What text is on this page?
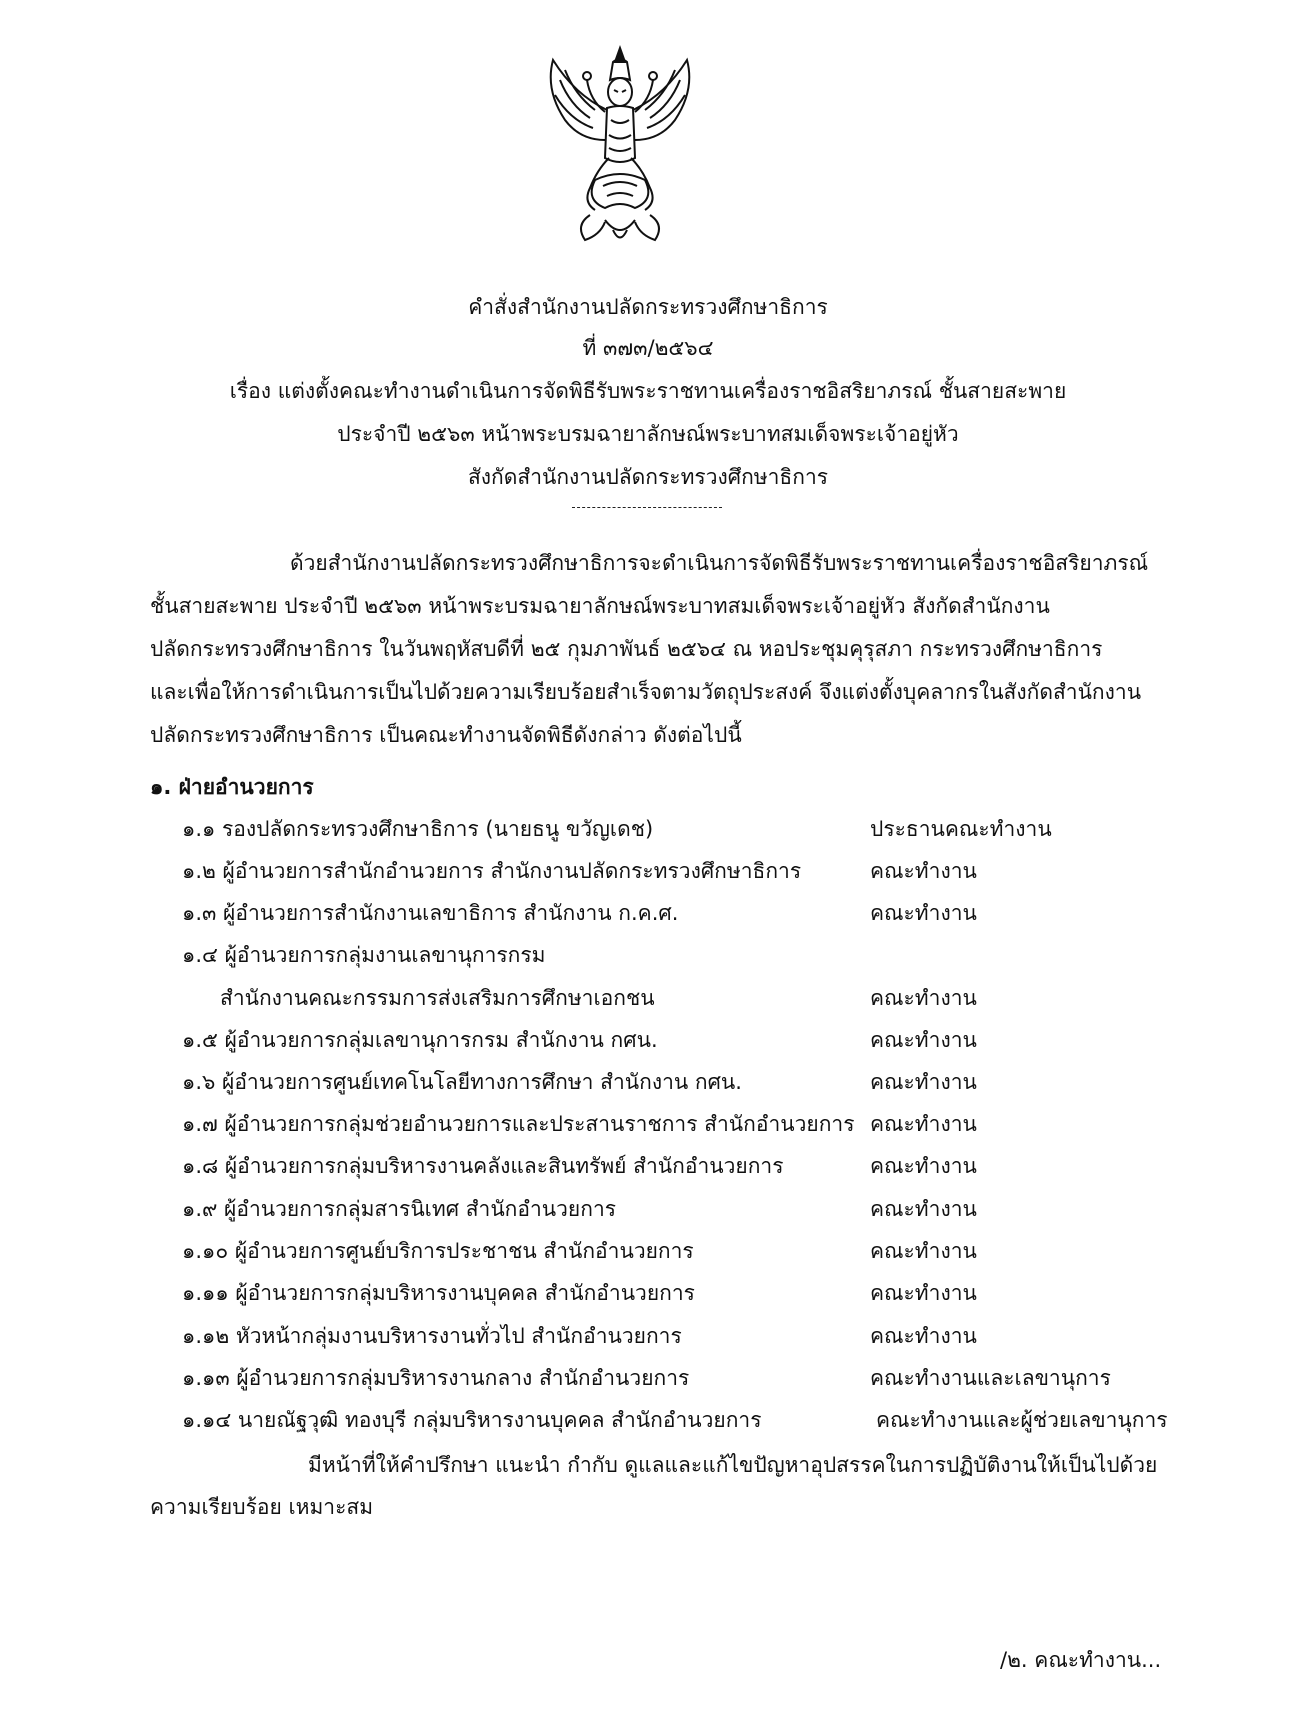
คำสั่งสำนักงานปลัดกระทรวงศึกษาธิการ
ที่ ๓๗๓/๒๕๖๔
เรื่อง แต่งตั้งคณะทำงานดำเนินการจัดพิธีรับพระราชทานเครื่องราชอิสริยาภรณ์ ชั้นสายสะพาย
ประจำปี ๒๕๖๓ หน้าพระบรมฉายาลักษณ์พระบาทสมเด็จพระเจ้าอยู่หัว
สังกัดสำนักงานปลัดกระทรวงศึกษาธิการ
ด้วยสำนักงานปลัดกระทรวงศึกษาธิการจะดำเนินการจัดพิธีรับพระราชทานเครื่องราชอิสริยาภรณ์
ชั้นสายสะพาย ประจำปี ๒๕๖๓ หน้าพระบรมฉายาลักษณ์พระบาทสมเด็จพระเจ้าอยู่หัว สังกัดสำนักงาน
ปลัดกระทรวงศึกษาธิการ ในวันพฤหัสบดีที่ ๒๕ กุมภาพันธ์ ๒๕๖๔ ณ หอประชุมคุรุสภา กระทรวงศึกษาธิการ
และเพื่อให้การดำเนินการเป็นไปด้วยความเรียบร้อยสำเร็จตามวัตถุประสงค์ จึงแต่งตั้งบุคลากรในสังกัดสำนักงาน
ปลัดกระทรวงศึกษาธิการ เป็นคณะทำงานจัดพิธีดังกล่าว ดังต่อไปนี้
๑. ฝ่ายอำนวยการ
๑.๑ รองปลัดกระทรวงศึกษาธิการ (นายธนู ขวัญเดช)	ประธานคณะทำงาน
๑.๒ ผู้อำนวยการสำนักอำนวยการ สำนักงานปลัดกระทรวงศึกษาธิการ	คณะทำงาน
๑.๓ ผู้อำนวยการสำนักงานเลขาธิการ สำนักงาน ก.ค.ศ.	คณะทำงาน
๑.๔ ผู้อำนวยการกลุ่มงานเลขานุการกรม
สำนักงานคณะกรรมการส่งเสริมการศึกษาเอกชน	คณะทำงาน
๑.๕ ผู้อำนวยการกลุ่มเลขานุการกรม สำนักงาน กศน.	คณะทำงาน
๑.๖ ผู้อำนวยการศูนย์เทคโนโลยีทางการศึกษา สำนักงาน กศน.	คณะทำงาน
๑.๗ ผู้อำนวยการกลุ่มช่วยอำนวยการและประสานราชการ สำนักอำนวยการ คณะทำงาน
๑.๘ ผู้อำนวยการกลุ่มบริหารงานคลังและสินทรัพย์ สำนักอำนวยการ	คณะทำงาน
๑.๙ ผู้อำนวยการกลุ่มสารนิเทศ สำนักอำนวยการ	คณะทำงาน
๑.๑๐ ผู้อำนวยการศูนย์บริการประชาชน สำนักอำนวยการ	คณะทำงาน
๑.๑๑ ผู้อำนวยการกลุ่มบริหารงานบุคคล สำนักอำนวยการ	คณะทำงาน
๑.๑๒ หัวหน้ากลุ่มงานบริหารงานทั่วไป สำนักอำนวยการ	คณะทำงาน
๑.๑๓ ผู้อำนวยการกลุ่มบริหารงานกลาง สำนักอำนวยการ	คณะทำงานและเลขานุการ
๑.๑๔ นายณัฐวุฒิ ทองบุรี กลุ่มบริหารงานบุคคล สำนักอำนวยการ	คณะทำงานและผู้ช่วยเลขานุการ
มีหน้าที่ให้คำปรึกษา แนะนำ กำกับ ดูแลและแก้ไขปัญหาอุปสรรคในการปฏิบัติงานให้เป็นไปด้วย
ความเรียบร้อย เหมาะสม
/๒. คณะทำงาน...
